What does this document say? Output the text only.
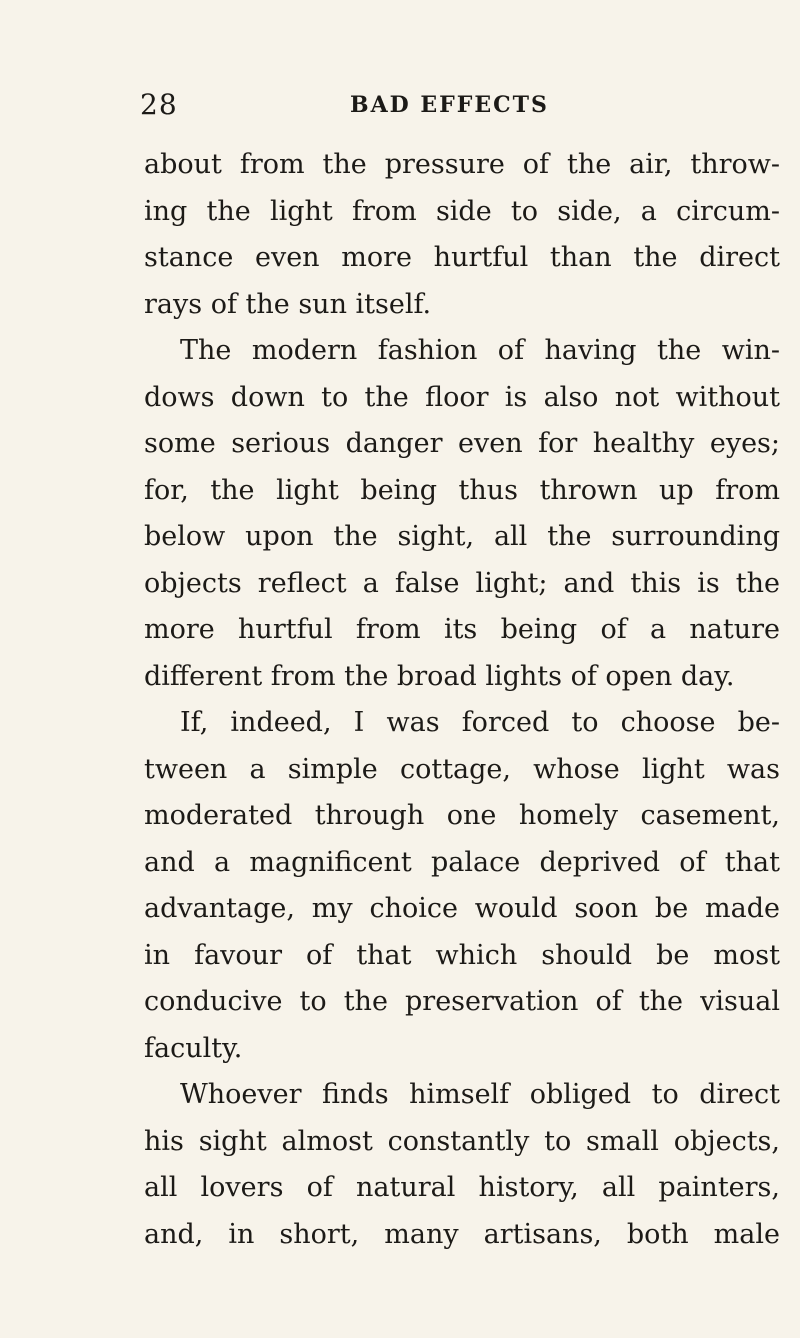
28	BAD EFFECTS
about from the pressure of the air, throw-
ing the light from side to side, a circum-
stance even more hurtful than the direct
rays of the sun itself.
The modern fashion of having the win-
dows down to the floor is also not without
some serious danger even for healthy eyes;
for, the light being thus thrown up from
below upon the sight, all the surrounding
objects reflect a false light; and this is the
more hurtful from its being of a nature
different from the broad lights of open day.
If, indeed, I was forced to choose be-
tween a simple cottage, whose light was
moderated through one homely casement,
and a magnificent palace deprived of that
advantage, my choice would soon be made
in favour of that which should be most
conducive to the preservation of the visual
faculty.
Whoever finds himself obliged to direct
his sight almost constantly to small objects,
all lovers of natural history, all painters,
and, in short, many artisans, both male
